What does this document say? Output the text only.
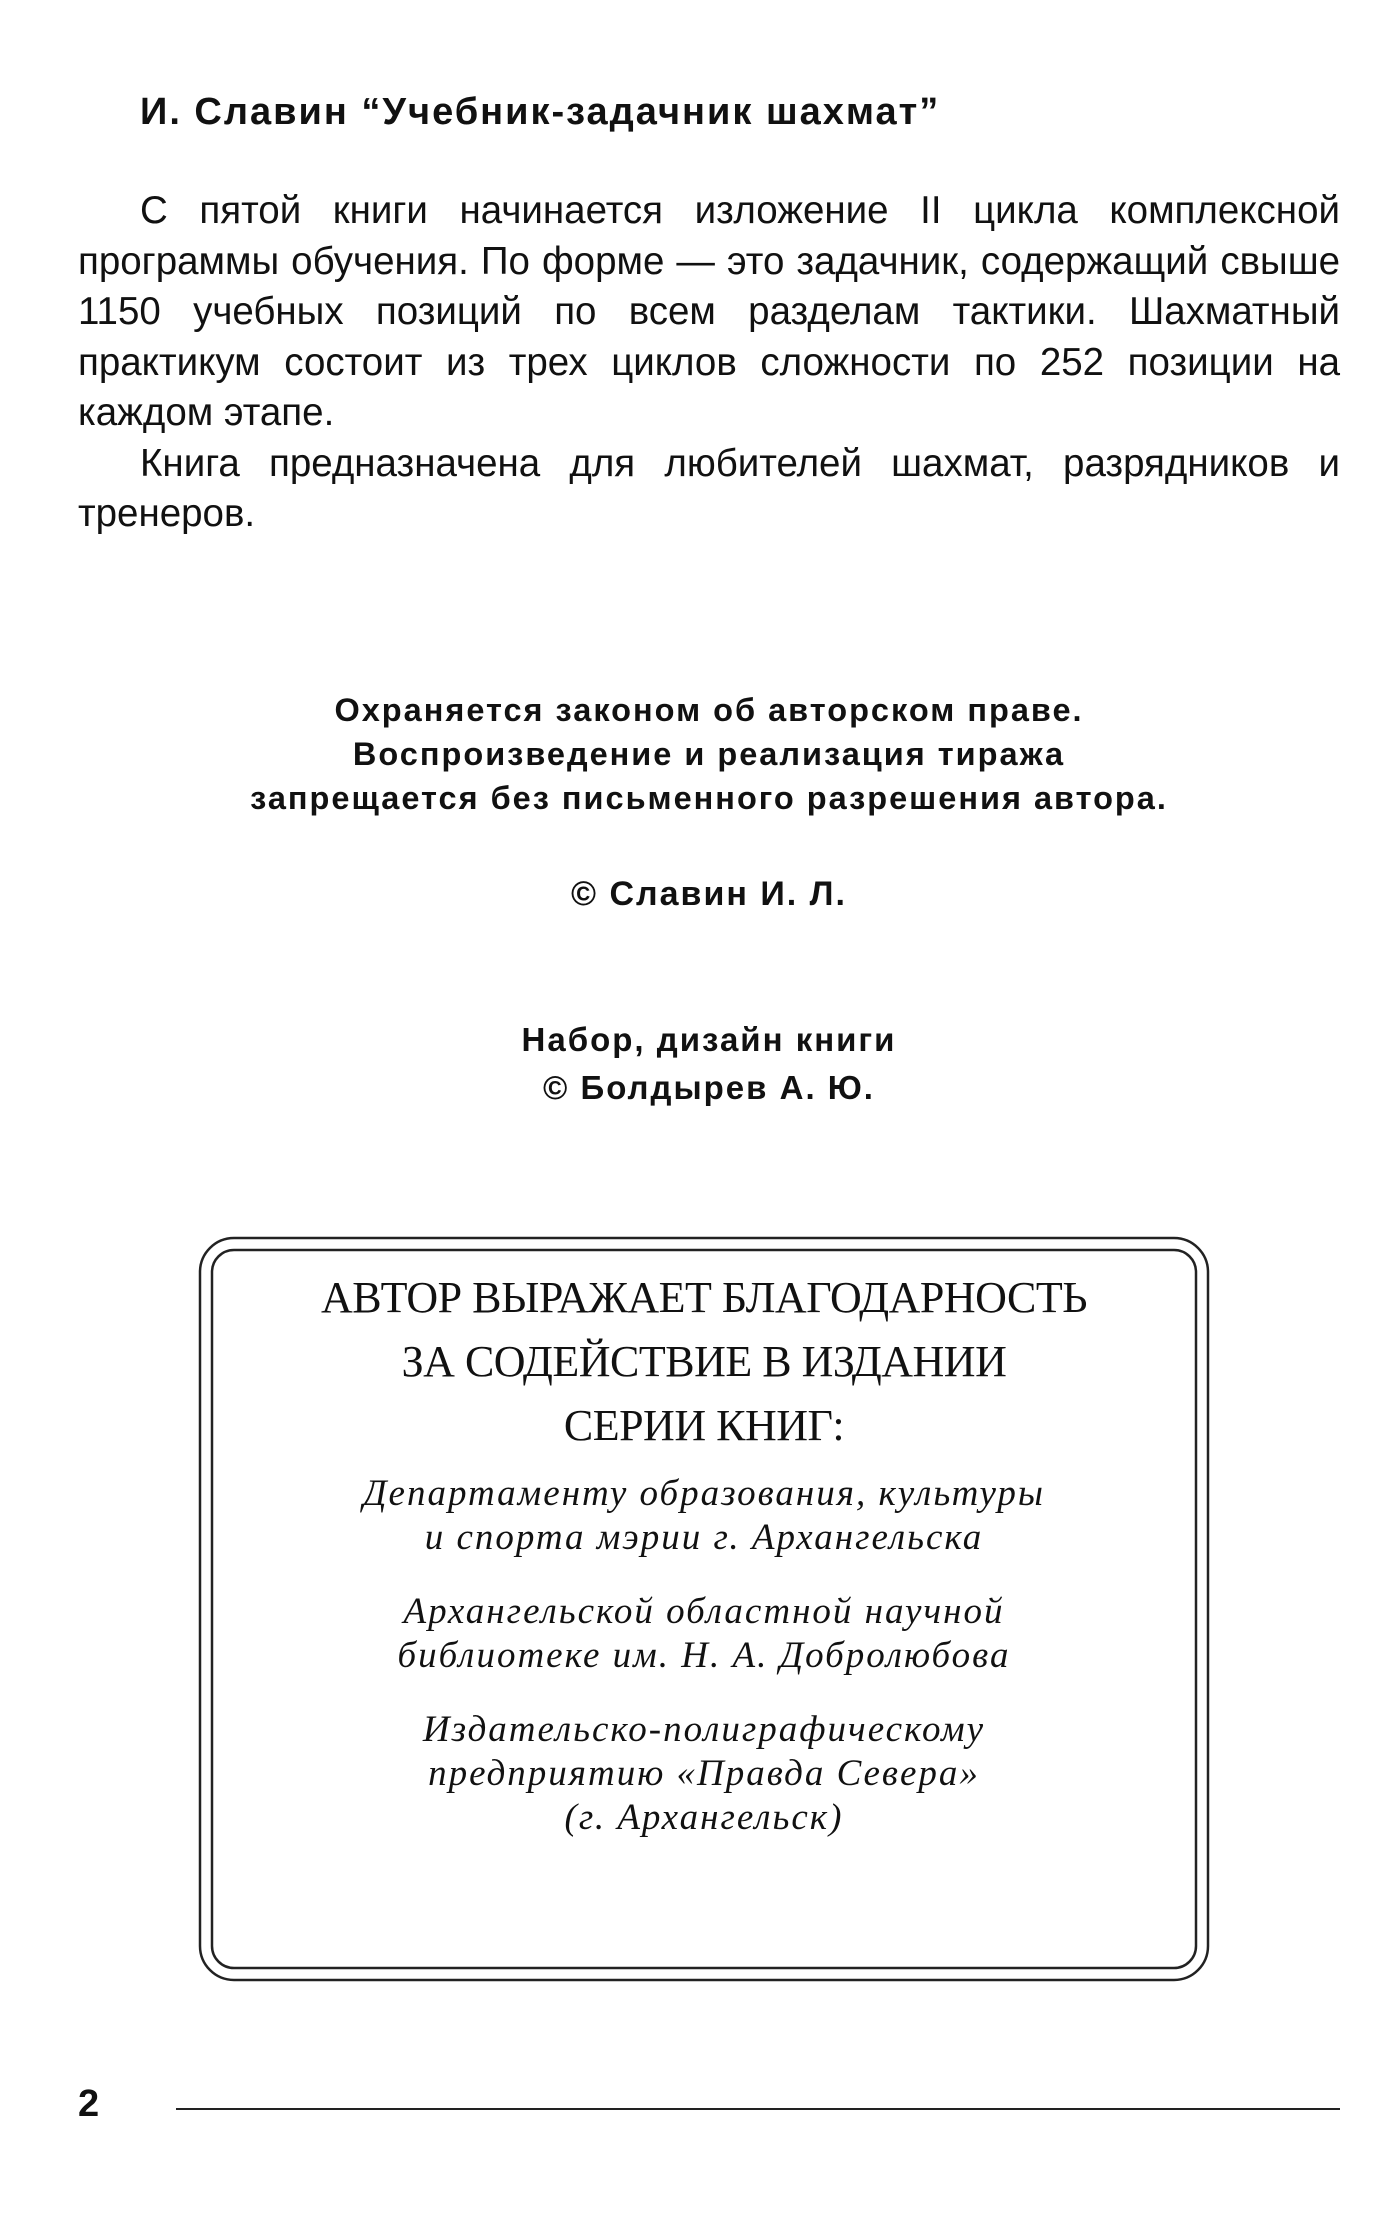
И. Славин “Учебник-задачник шахмат”

С пятой книги начинается изложение II цикла комплексной программы обучения. По форме — это задачник, содержащий свыше 1150 учебных позиций по всем разделам тактики. Шахматный практикум состоит из трех циклов сложности по 252 позиции на каждом этапе.

Книга предназначена для любителей шахмат, разрядников и тренеров.

Охраняется законом об авторском праве.

Воспроизведение и реализация тиража

запрещается без письменного разрешения автора.

© Славин И. Л.

Набор, дизайн книги

© Болдырев А. Ю.

АВТОР ВЫРАЖАЕТ БЛАГОДАРНОСТЬ
ЗА СОДЕЙСТВИЕ В ИЗДАНИИ
СЕРИИ КНИГ:
Департаменту образования, культуры
и спорта мэрии г. Архангельска
Архангельской областной научной
библиотеке им. Н. А. Добролюбова
Издательско-полиграфическому
предприятию «Правда Севера»
(г. Архангельск)
2
